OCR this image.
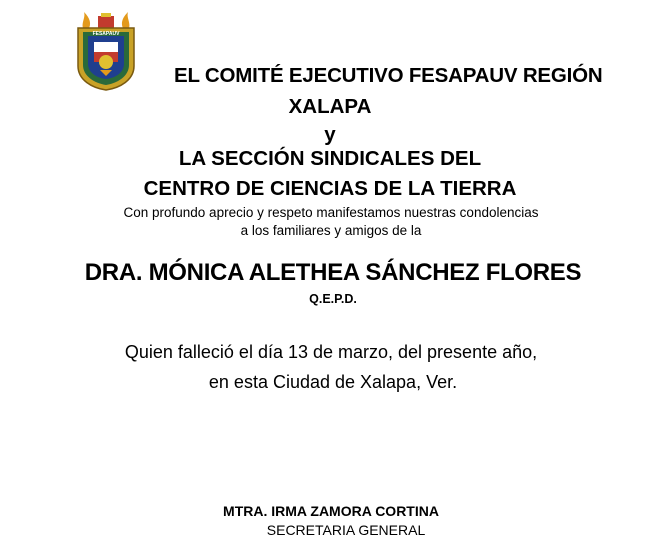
FESAPAUV
EL COMITÉ EJECUTIVO FESAPAUV REGIÓN
XALAPA
y
LA SECCIÓN SINDICALES DEL
CENTRO DE CIENCIAS DE LA TIERRA
Con profundo aprecio y respeto manifestamos nuestras condolencias
a los familiares y amigos de la
DRA. MÓNICA ALETHEA SÁNCHEZ FLORES
Q.E.P.D.
Quien falleció el día 13 de marzo, del presente año,
en esta Ciudad de Xalapa, Ver.
MTRA. IRMA ZAMORA CORTINA
SECRETARIA GENERAL
